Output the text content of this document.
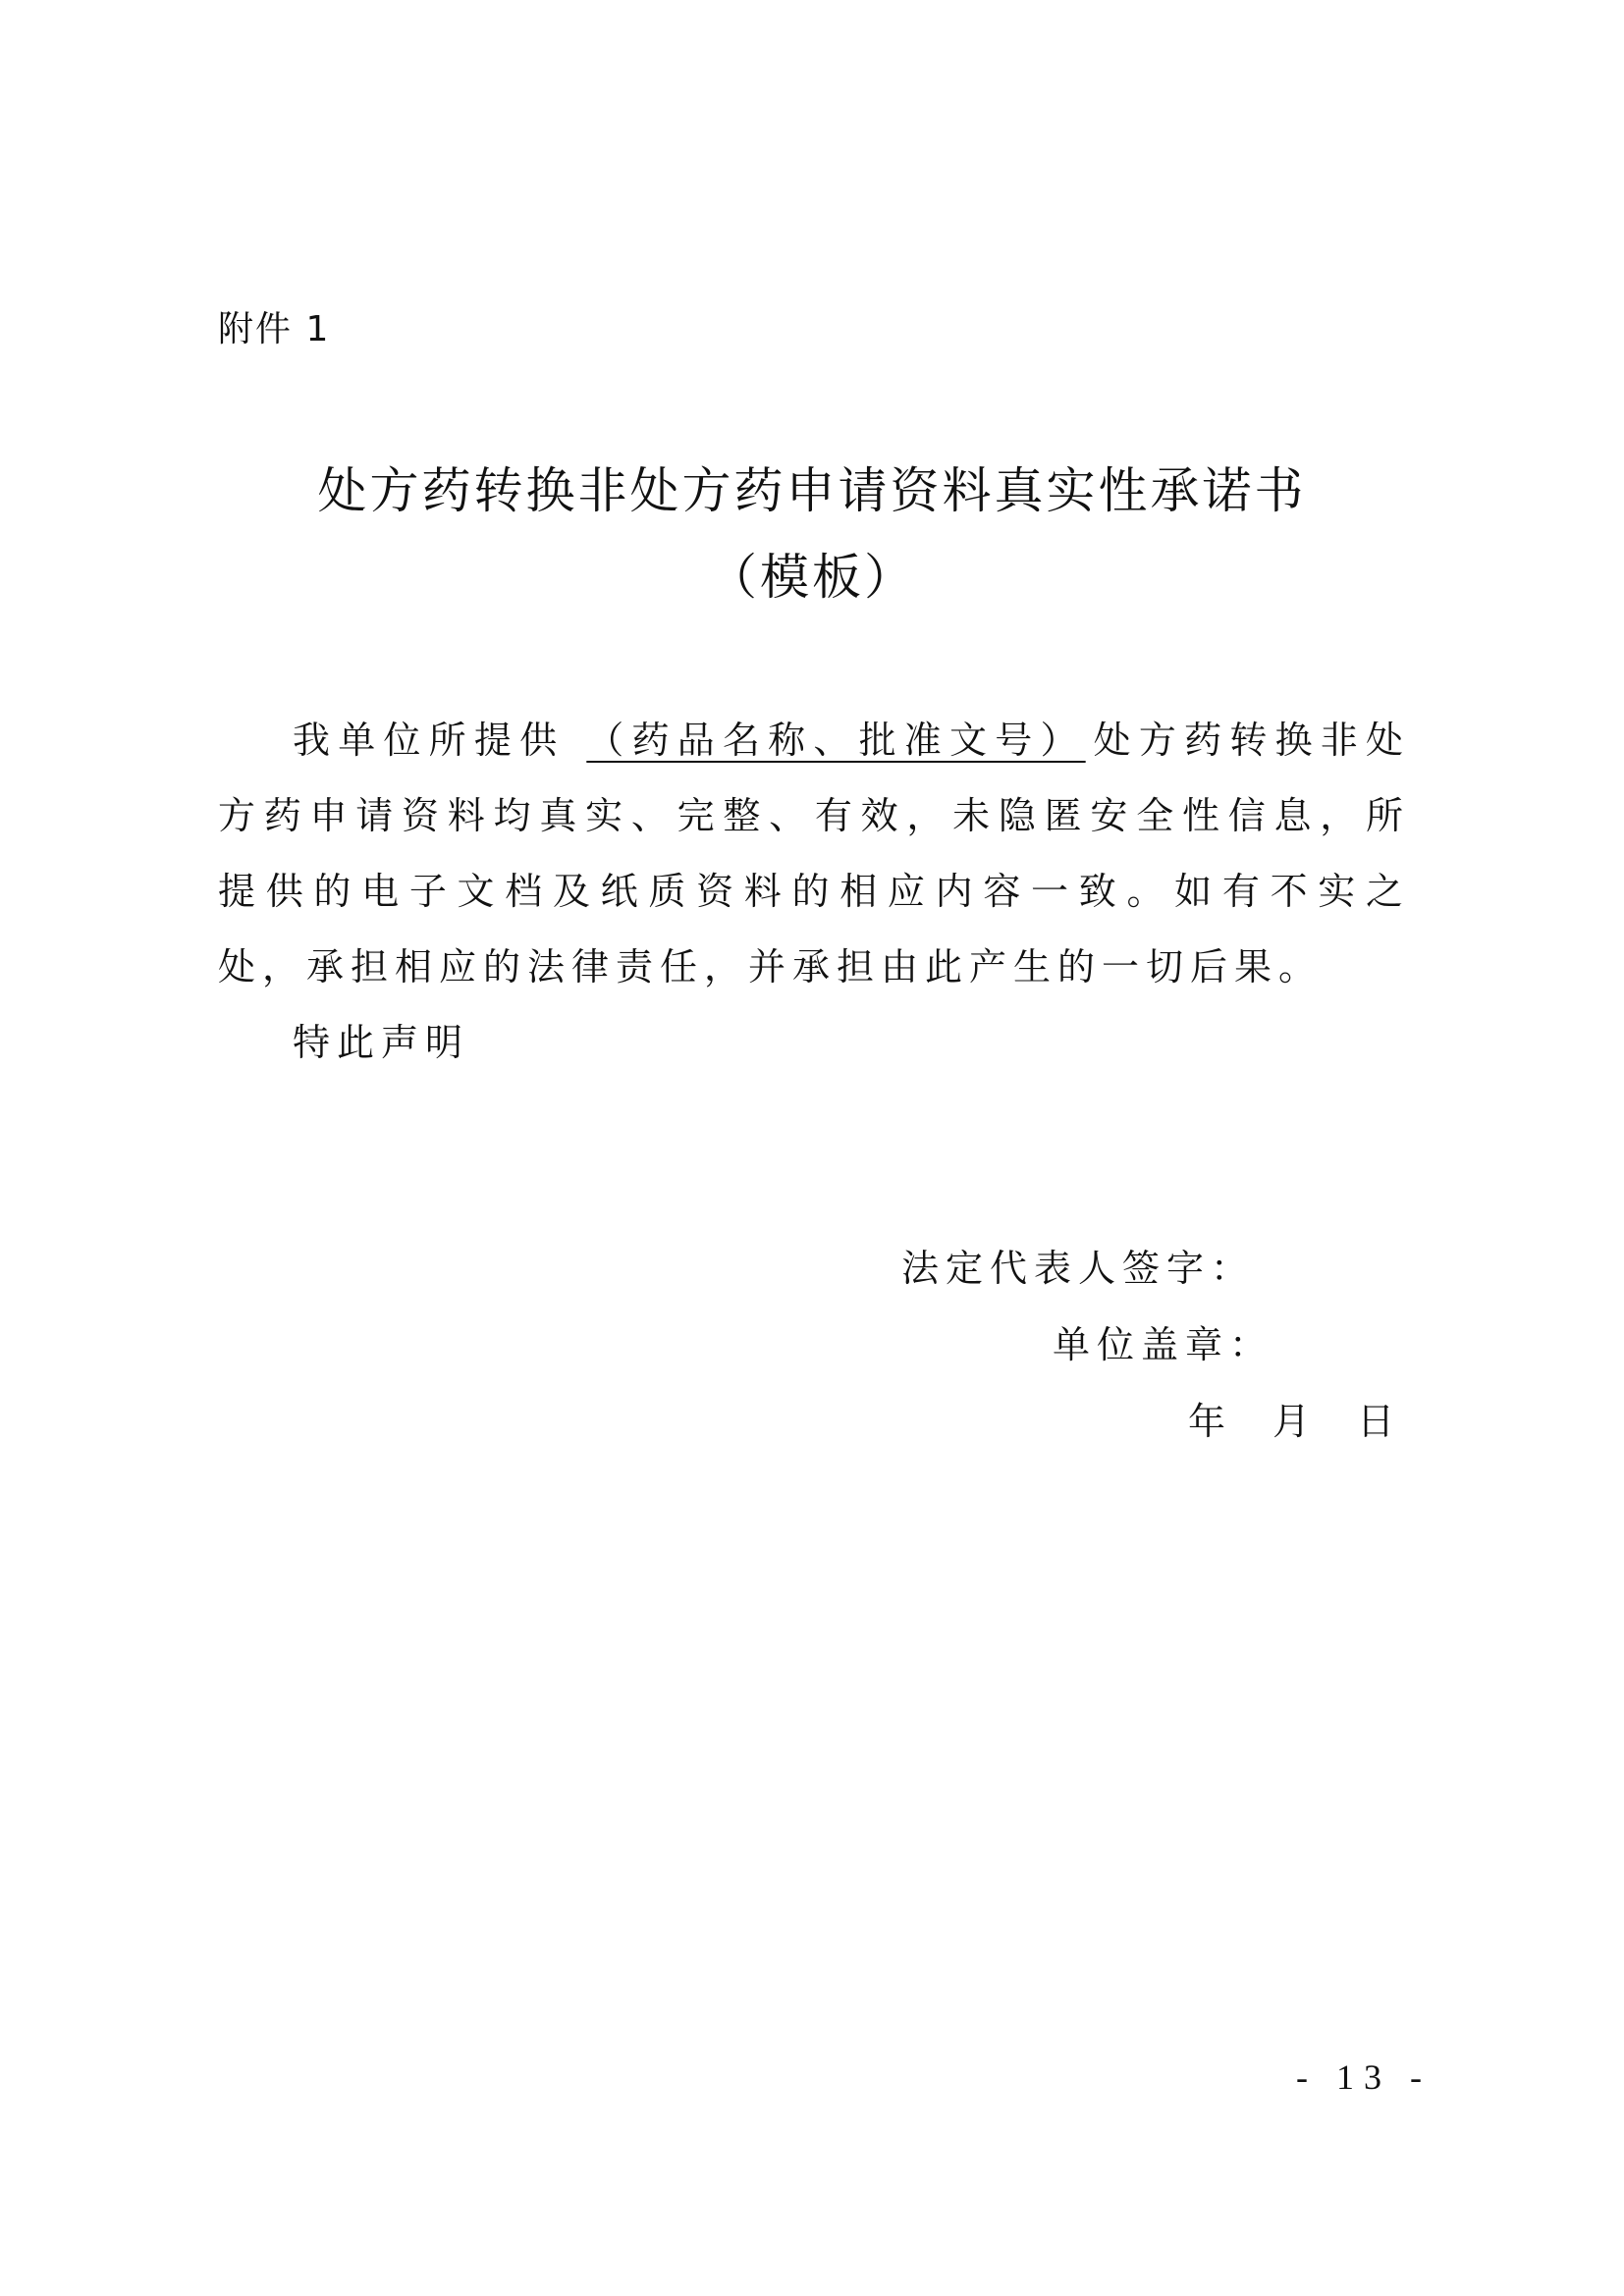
附件 1
处方药转换非处方药申请资料真实性承诺书
（模板）

我单位所提供 （药品名称、批准文号） 处方药转换非处方药申请资料均真实、完整、有效，未隐匿安全性信息，所提供的电子文档及纸质资料的相应内容一致。如有不实之处，承担相应的法律责任，并承担由此产生的一切后果。

特此声明
法定代表人签字：
单位盖章：
年 月 日
- 13 -
